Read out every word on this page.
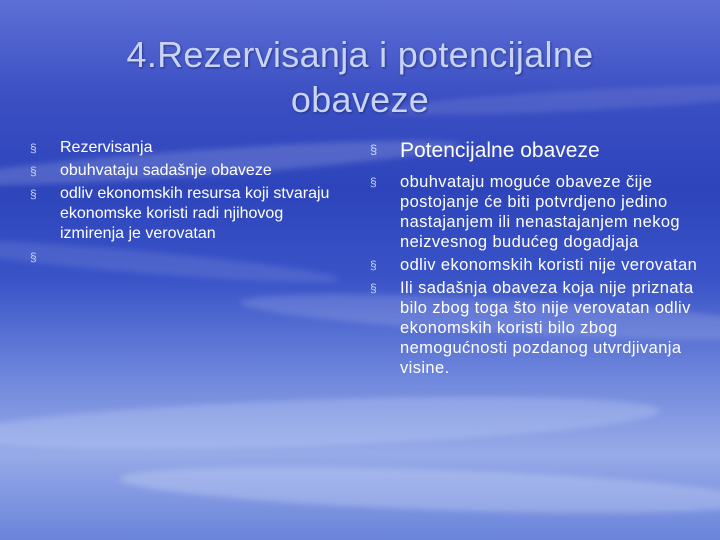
4.Rezervisanja i potencijalne
obaveze
§ Rezervisanja
§ obuhvataju sadašnje obaveze
§ odliv ekonomskih resursa koji stvaraju ekonomske koristi radi njihovog izmirenja je verovatan
§
§ Potencijalne obaveze
§ obuhvataju moguće obaveze čije postojanje će biti potvrdjeno jedino nastajanjem ili nenastajanjem nekog neizvesnog budućeg dogadjaja
§ odliv ekonomskih koristi nije verovatan
§ Ili sadašnja obaveza koja nije priznata bilo zbog toga što nije verovatan odliv ekonomskih koristi bilo zbog nemogućnosti pozdanog utvrdjivanja visine.
